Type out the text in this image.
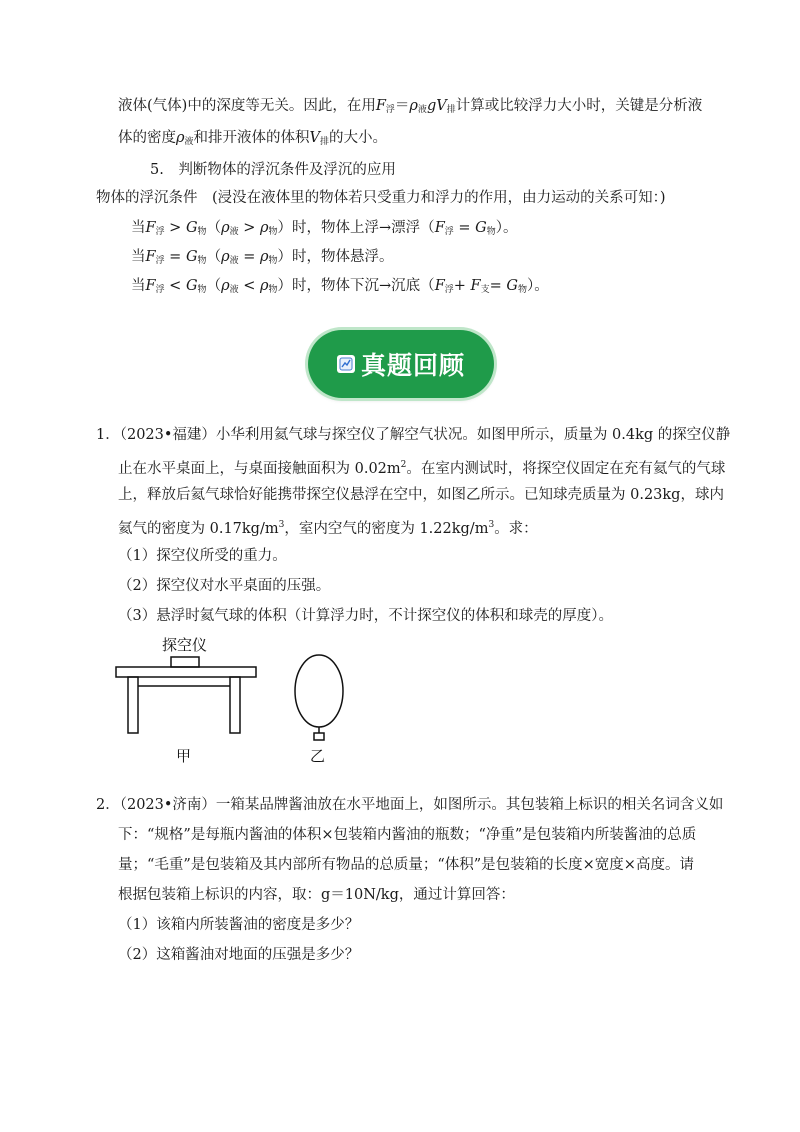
液体(气体)中的深度等无关。因此，在用$F_浮=\rho_液gV_排$计算或比较浮力大小时，关键是分析液
体的密度$\rho_液$和排开液体的体积$V_排$的大小。
5.　判断物体的浮沉条件及浮沉的应用
物体的浮沉条件　(浸没在液体里的物体若只受重力和浮力的作用，由力运动的关系可知：)
当$F_浮 > G_物(\rho_液 > \rho_物)$时，物体上浮→漂浮$(F_浮 = G_物)$。
当$F_浮 = G_物(\rho_液 = \rho_物)$时，物体悬浮。
当$F_浮 < G_物(\rho_液 < \rho_物)$时，物体下沉→沉底$(F_浮+ F_支= G_物)$。
真题回顾
1．（2023•福建）小华利用氦气球与探空仪了解空气状况。如图甲所示，质量为 0.4kg 的探空仪静
止在水平桌面上，与桌面接触面积为 $0.02m^2$。在室内测试时，将探空仪固定在充有氦气的气球
上，释放后氦气球恰好能携带探空仪悬浮在空中，如图乙所示。已知球壳质量为 0.23kg，球内
氦气的密度为 $0.17kg/m^3$，室内空气的密度为 $1.22kg/m^3$。求：
（1）探空仪所受的重力。
（2）探空仪对水平桌面的压强。
（3）悬浮时氦气球的体积（计算浮力时，不计探空仪的体积和球壳的厚度）。
探空仪
甲	乙
2．（2023•济南）一箱某品牌酱油放在水平地面上，如图所示。其包装箱上标识的相关名词含义如
下：“规格”是每瓶内酱油的体积×包装箱内酱油的瓶数；“净重”是包装箱内所装酱油的总质
量；“毛重”是包装箱及其内部所有物品的总质量；“体积”是包装箱的长度×宽度×高度。请
根据包装箱上标识的内容，取：g＝10N/kg，通过计算回答：
（1）该箱内所装酱油的密度是多少？
（2）这箱酱油对地面的压强是多少？
